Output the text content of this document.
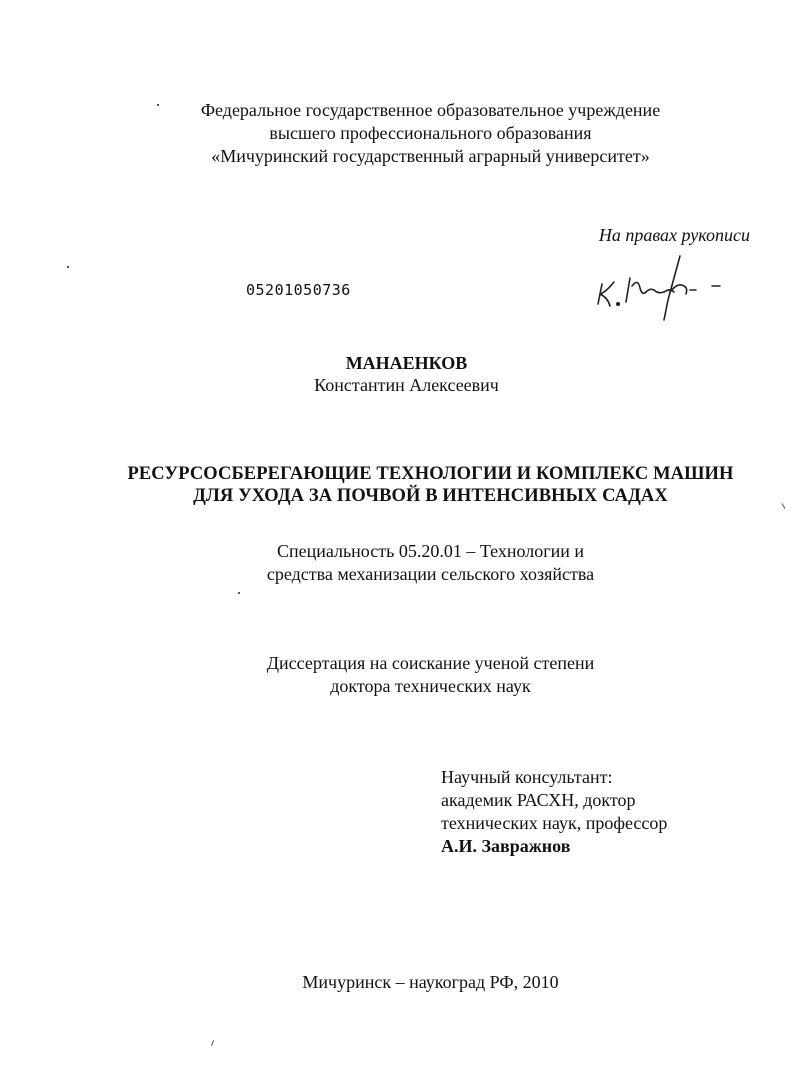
Федеральное государственное образовательное учреждение
высшего профессионального образования
«Мичуринский государственный аграрный университет»
На правах рукописи
05201050736
МАНАЕНКОВ
Константин Алексеевич
РЕСУРСОСБЕРЕГАЮЩИЕ ТЕХНОЛОГИИ И КОМПЛЕКС МАШИН
ДЛЯ УХОДА ЗА ПОЧВОЙ В ИНТЕНСИВНЫХ САДАХ
Специальность 05.20.01 – Технологии и
средства механизации сельского хозяйства
Диссертация на соискание ученой степени
доктора технических наук
Научный консультант:
академик РАСХН, доктор
технических наук, профессор
А.И. Завражнов
Мичуринск – наукоград РФ, 2010
